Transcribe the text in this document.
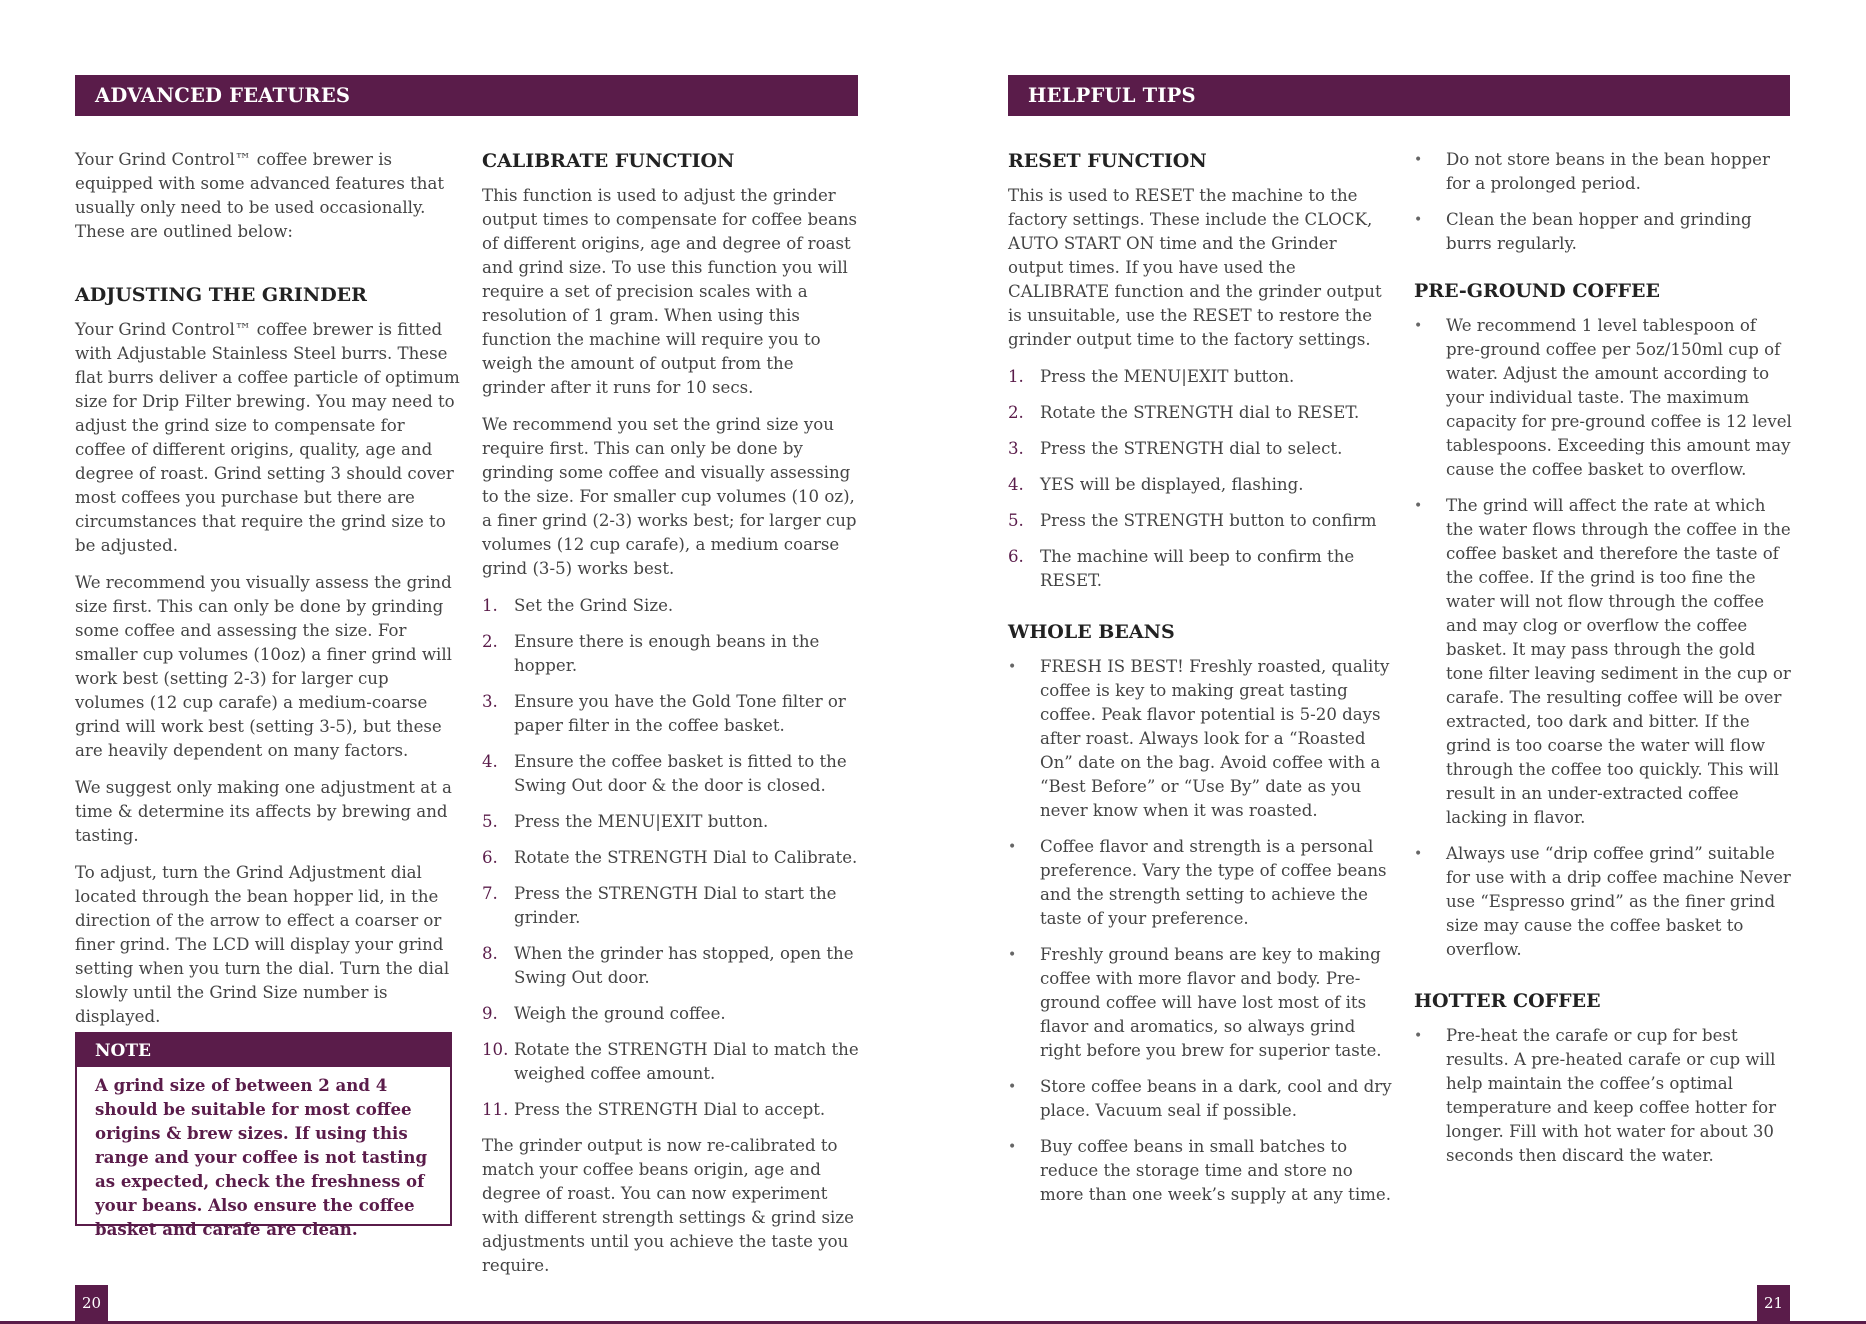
ADVANCED FEATURES

Your Grind Control™ coffee brewer is equipped with some advanced features that usually only need to be used occasionally. These are outlined below:

ADJUSTING THE GRINDER

Your Grind Control™ coffee brewer is fitted with Adjustable Stainless Steel burrs. These flat burrs deliver a coffee particle of optimum size for Drip Filter brewing. You may need to adjust the grind size to compensate for coffee of different origins, quality, age and degree of roast. Grind setting 3 should cover most coffees you purchase but there are circumstances that require the grind size to be adjusted.

We recommend you visually assess the grind size first. This can only be done by grinding some coffee and assessing the size. For smaller cup volumes (10oz) a finer grind will work best (setting 2-3) for larger cup volumes (12 cup carafe) a medium-coarse grind will work best (setting 3-5), but these are heavily dependent on many factors.

We suggest only making one adjustment at a time & determine its affects by brewing and tasting.

To adjust, turn the Grind Adjustment dial located through the bean hopper lid, in the direction of the arrow to effect a coarser or finer grind. The LCD will display your grind setting when you turn the dial. Turn the dial slowly until the Grind Size number is displayed.

NOTE
A grind size of between 2 and 4 should be suitable for most coffee origins & brew sizes. If using this range and your coffee is not tasting as expected, check the freshness of your beans. Also ensure the coffee basket and carafe are clean.
CALIBRATE FUNCTION

This function is used to adjust the grinder output times to compensate for coffee beans of different origins, age and degree of roast and grind size. To use this function you will require a set of precision scales with a resolution of 1 gram. When using this function the machine will require you to weigh the amount of output from the grinder after it runs for 10 secs.

We recommend you set the grind size you require first. This can only be done by grinding some coffee and visually assessing to the size. For smaller cup volumes (10 oz), a finer grind (2-3) works best; for larger cup volumes (12 cup carafe), a medium coarse grind (3-5) works best.

1. Set the Grind Size.
2. Ensure there is enough beans in the hopper.
3. Ensure you have the Gold Tone filter or paper filter in the coffee basket.
4. Ensure the coffee basket is fitted to the Swing Out door & the door is closed.
5. Press the MENU|EXIT button.
6. Rotate the STRENGTH Dial to Calibrate.
7. Press the STRENGTH Dial to start the grinder.
8. When the grinder has stopped, open the Swing Out door.
9. Weigh the ground coffee.
10. Rotate the STRENGTH Dial to match the weighed coffee amount.
11. Press the STRENGTH Dial to accept.

The grinder output is now re-calibrated to match your coffee beans origin, age and degree of roast. You can now experiment with different strength settings & grind size adjustments until you achieve the taste you require.

20
HELPFUL TIPS
RESET FUNCTION

This is used to RESET the machine to the factory settings. These include the CLOCK, AUTO START ON time and the Grinder output times. If you have used the CALIBRATE function and the grinder output is unsuitable, use the RESET to restore the grinder output time to the factory settings.

1. Press the MENU|EXIT button.
2. Rotate the STRENGTH dial to RESET.
3. Press the STRENGTH dial to select.
4. YES will be displayed, flashing.
5. Press the STRENGTH button to confirm
6. The machine will beep to confirm the RESET.
WHOLE BEANS
• FRESH IS BEST! Freshly roasted, quality coffee is key to making great tasting coffee. Peak flavor potential is 5-20 days after roast. Always look for a “Roasted On” date on the bag. Avoid coffee with a “Best Before” or “Use By” date as you never know when it was roasted.
• Coffee flavor and strength is a personal preference. Vary the type of coffee beans and the strength setting to achieve the taste of your preference.
• Freshly ground beans are key to making coffee with more flavor and body. Pre-ground coffee will have lost most of its flavor and aromatics, so always grind right before you brew for superior taste.
• Store coffee beans in a dark, cool and dry place. Vacuum seal if possible.
• Buy coffee beans in small batches to reduce the storage time and store no more than one week’s supply at any time.
• Do not store beans in the bean hopper for a prolonged period.
• Clean the bean hopper and grinding burrs regularly.
PRE-GROUND COFFEE
• We recommend 1 level tablespoon of pre-ground coffee per 5oz/150ml cup of water. Adjust the amount according to your individual taste. The maximum capacity for pre-ground coffee is 12 level tablespoons. Exceeding this amount may cause the coffee basket to overflow.
• The grind will affect the rate at which the water flows through the coffee in the coffee basket and therefore the taste of the coffee. If the grind is too fine the water will not flow through the coffee and may clog or overflow the coffee basket. It may pass through the gold tone filter leaving sediment in the cup or carafe. The resulting coffee will be over extracted, too dark and bitter. If the grind is too coarse the water will flow through the coffee too quickly. This will result in an under-extracted coffee lacking in flavor.
• Always use “drip coffee grind” suitable for use with a drip coffee machine Never use “Espresso grind” as the finer grind size may cause the coffee basket to overflow.
HOTTER COFFEE
• Pre-heat the carafe or cup for best results. A pre-heated carafe or cup will help maintain the coffee’s optimal temperature and keep coffee hotter for longer. Fill with hot water for about 30 seconds then discard the water.
21
